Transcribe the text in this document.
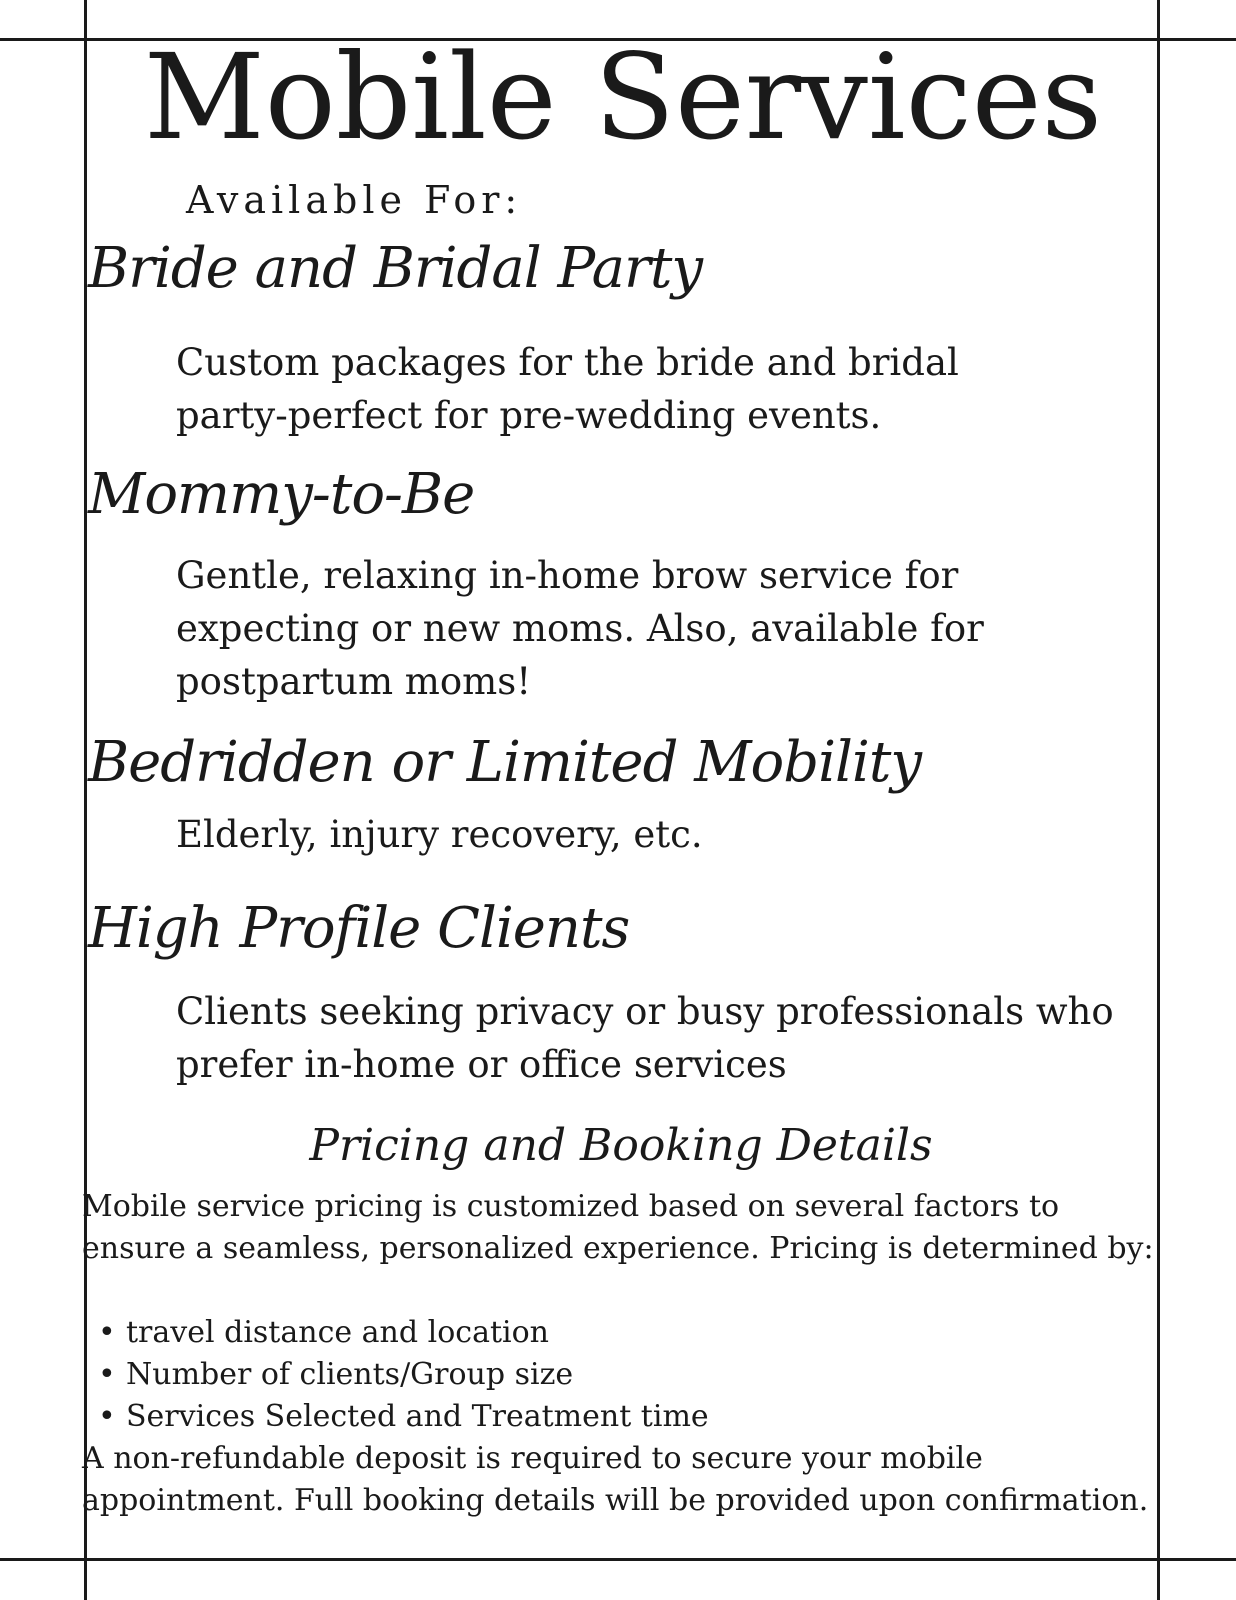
Mobile Services

Available For:

Bride and Bridal Party

Custom packages for the bride and bridal party-perfect for pre-wedding events.

Mommy-to-Be

Gentle, relaxing in-home brow service for expecting or new moms. Also, available for postpartum moms!

Bedridden or Limited Mobility

Elderly, injury recovery, etc.

High Profile Clients

Clients seeking privacy or busy professionals who prefer in-home or office services

Pricing and Booking Details

Mobile service pricing is customized based on several factors to ensure a seamless, personalized experience. Pricing is determined by:

• travel distance and location
• Number of clients/Group size
• Services Selected and Treatment time

A non-refundable deposit is required to secure your mobile appointment. Full booking details will be provided upon confirmation.
